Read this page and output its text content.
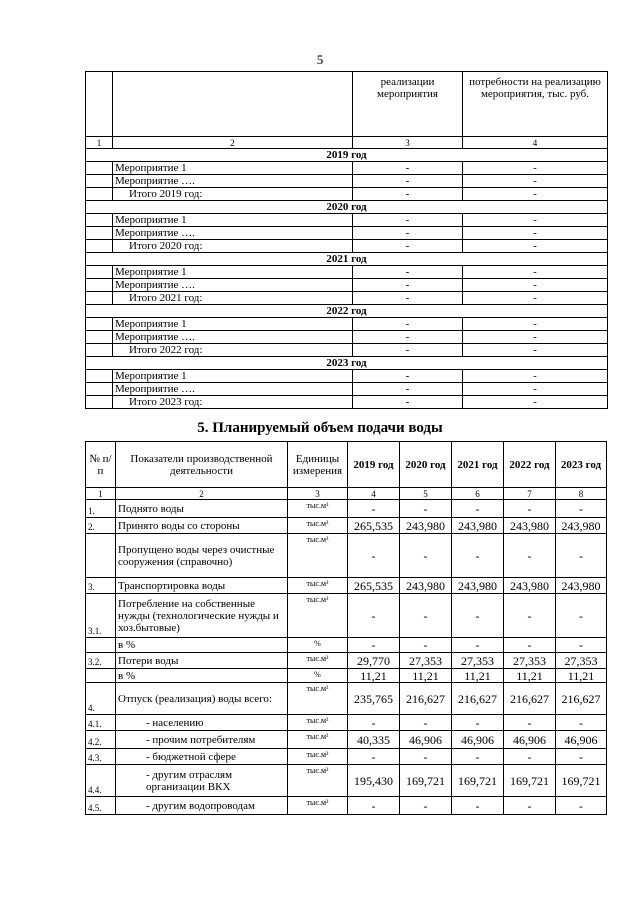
5
		реализации мероприятия	потребности на реализацию мероприятия, тыс. руб.
1	2	3	4
2019 год			
	Мероприятие 1	-	-
	Мероприятие ….	-	-
	Итого 2019 год:	-	-
2020 год			
	Мероприятие 1	-	-
	Мероприятие ….	-	-
	Итого 2020 год:	-	-
2021 год			
	Мероприятие 1	-	-
	Мероприятие ….	-	-
	Итого 2021 год:	-	-
2022 год			
	Мероприятие 1	-	-
	Мероприятие ….	-	-
	Итого 2022 год:	-	-
2023 год			
	Мероприятие 1	-	-
	Мероприятие ….	-	-
	Итого 2023 год:	-	-
5. Планируемый объем подачи воды
№ п/п	Показатели производственной деятельности	Единицы измерения	2019 год	2020 год	2021 год	2022 год	2023 год
1	2	3	4	5	6	7	8
1.	Поднято воды	тыс.м³	-	-	-	-	-
2.	Принято воды со стороны	тыс.м³	265,535	243,980	243,980	243,980	243,980
	Пропущено воды через очистные сооружения (справочно)	тыс.м³	-	-	-	-	-
3.	Транспортировка воды	тыс.м³	265,535	243,980	243,980	243,980	243,980
3.1.	Потребление на собственные нужды (технологические нужды и хоз.бытовые)	тыс.м³	-	-	-	-	-
	в %	%	-	-	-	-	-
3.2.	Потери воды	тыс.м³	29,770	27,353	27,353	27,353	27,353
	в %	%	11,21	11,21	11,21	11,21	11,21
4.	Отпуск (реализация) воды всего:	тыс.м³	235,765	216,627	216,627	216,627	216,627
4.1.	- населению	тыс.м³	-	-	-	-	-
4.2.	- прочим потребителям	тыс.м³	40,335	46,906	46,906	46,906	46,906
4.3.	- бюджетной сфере	тыс.м³	-	-	-	-	-
4.4.	- другим отраслям организации ВКХ	тыс.м³	195,430	169,721	169,721	169,721	169,721
4.5.	- другим водопроводам	тыс.м³	-	-	-	-	-
